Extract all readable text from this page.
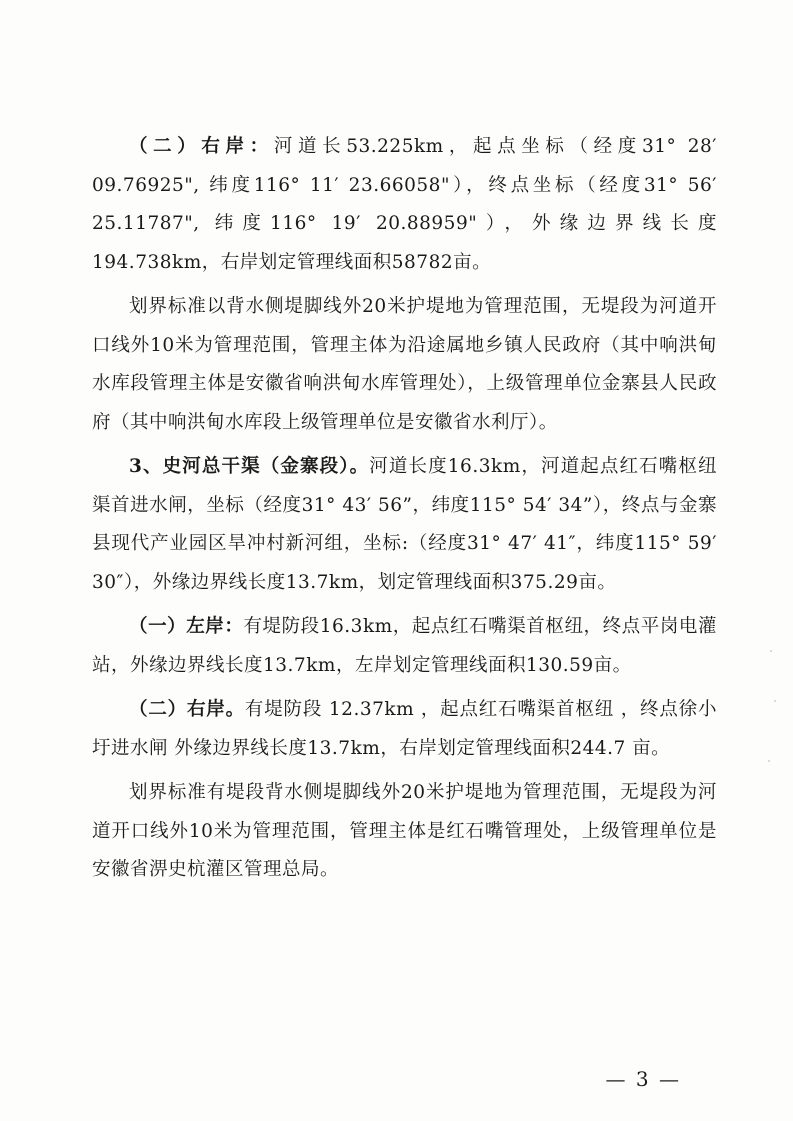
（二）右岸：河道长53.225km，起点坐标（经度31° 28′ 09.76925", 纬度116° 11′ 23.66058"），终点坐标（经度31° 56′ 25.11787", 纬度116° 19′ 20.88959"），外缘边界线长度194.738km，右岸划定管理线面积58782亩。

划界标准以背水侧堤脚线外20米护堤地为管理范围，无堤段为河道开口线外10米为管理范围，管理主体为沿途属地乡镇人民政府（其中响洪甸水库段管理主体是安徽省响洪甸水库管理处），上级管理单位金寨县人民政府（其中响洪甸水库段上级管理单位是安徽省水利厅）。

3、史河总干渠（金寨段）。河道长度16.3km，河道起点红石嘴枢纽渠首进水闸，坐标（经度31° 43′ 56”，纬度115° 54′ 34”），终点与金寨县现代产业园区旱冲村新河组，坐标:（经度31° 47′ 41″，纬度115° 59′ 30″），外缘边界线长度13.7km，划定管理线面积375.29亩。

（一）左岸：有堤防段16.3km，起点红石嘴渠首枢纽，终点平岗电灌站，外缘边界线长度13.7km，左岸划定管理线面积130.59亩。

（二）右岸。有堤防段 12.37km ，起点红石嘴渠首枢纽 ，终点徐小圩进水闸 外缘边界线长度13.7km，右岸划定管理线面积244.7 亩。

划界标准有堤段背水侧堤脚线外20米护堤地为管理范围，无堤段为河道开口线外10米为管理范围，管理主体是红石嘴管理处，上级管理单位是安徽省淠史杭灌区管理总局。

— 3 —
